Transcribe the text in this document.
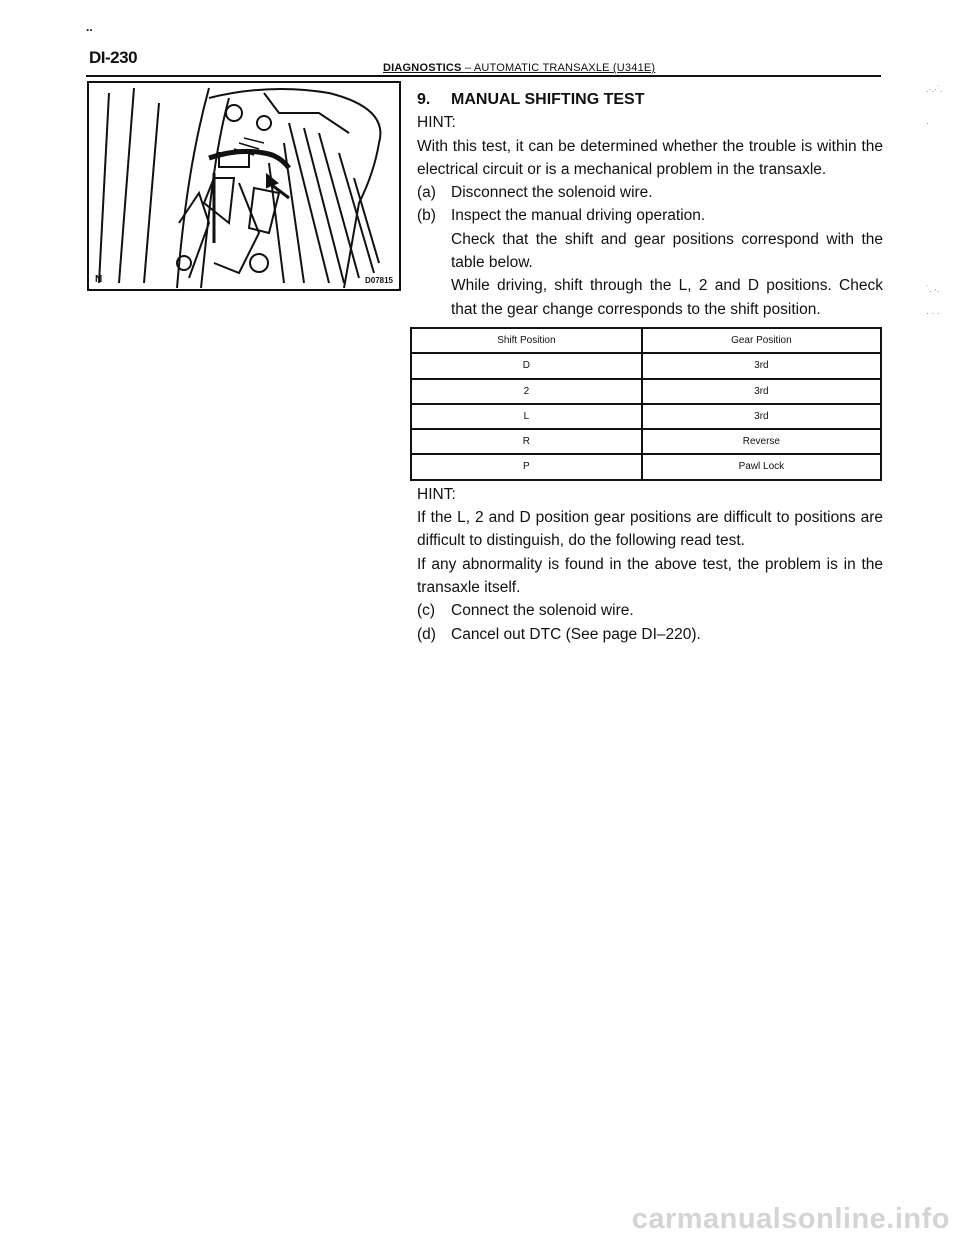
..
DI-230
DIAGNOSTICS – AUTOMATIC TRANSAXLE (U341E)
N	D07815
9. MANUAL SHIFTING TEST
HINT:
With this test, it can be determined whether the trouble is within the electrical circuit or is a mechanical problem in the transaxle.
(a) Disconnect the solenoid wire.
(b) Inspect the manual driving operation.
Check that the shift and gear positions correspond with the table below.
While driving, shift through the L, 2 and D positions. Check that the gear change corresponds to the shift position.
Shift Position	Gear Position
D	3rd
2	3rd
L	3rd
R	Reverse
P	Pawl Lock
HINT:
If the L, 2 and D position gear positions are difficult to positions are difficult to distinguish, do the following read test.
If any abnormality is found in the above test, the problem is in the transaxle itself.
(c)	Connect the solenoid wire.
(d) Cancel out DTC (See page DI–220).
.·.·˙.
·
˙. ·.
· · ·
carmanualsonline.info
